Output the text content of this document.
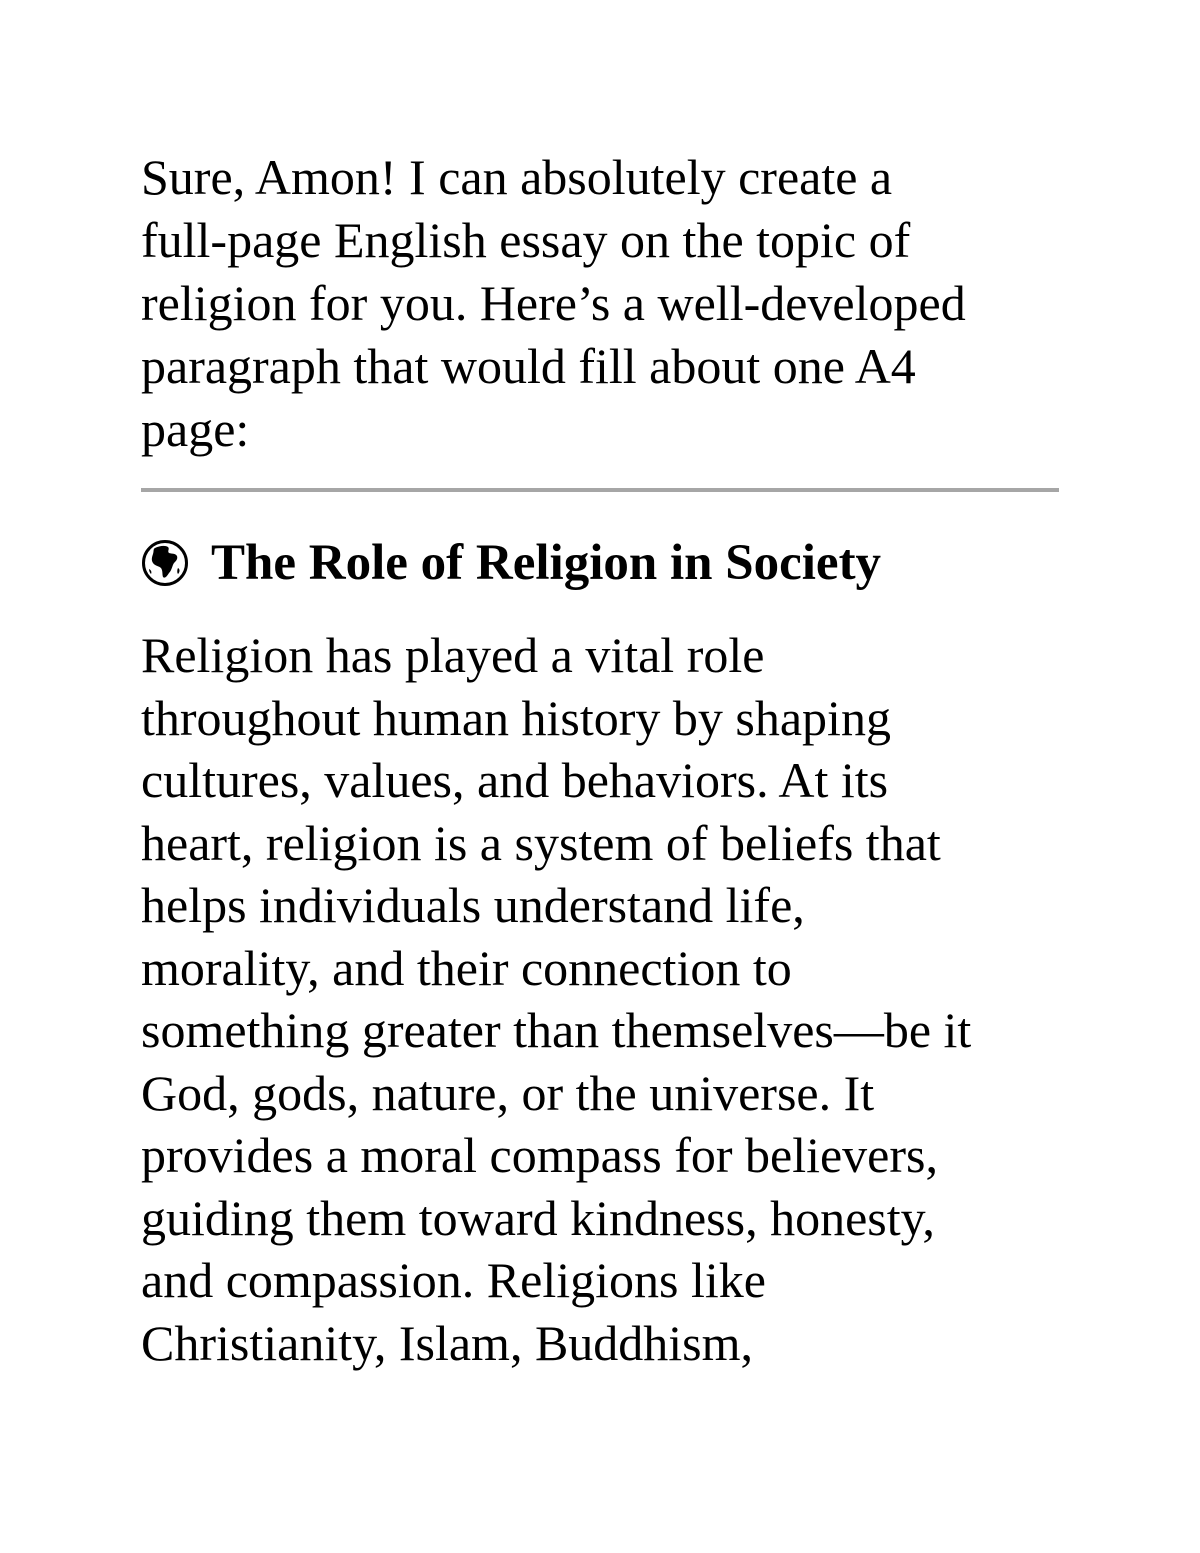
Sure, Amon! I can absolutely create a
full-page English essay on the topic of
religion for you. Here’s a well-developed
paragraph that would fill about one A4
page:

The Role of Religion in Society

Religion has played a vital role
throughout human history by shaping
cultures, values, and behaviors. At its
heart, religion is a system of beliefs that
helps individuals understand life,
morality, and their connection to
something greater than themselves—be it
God, gods, nature, or the universe. It
provides a moral compass for believers,
guiding them toward kindness, honesty,
and compassion. Religions like
Christianity, Islam, Buddhism,
